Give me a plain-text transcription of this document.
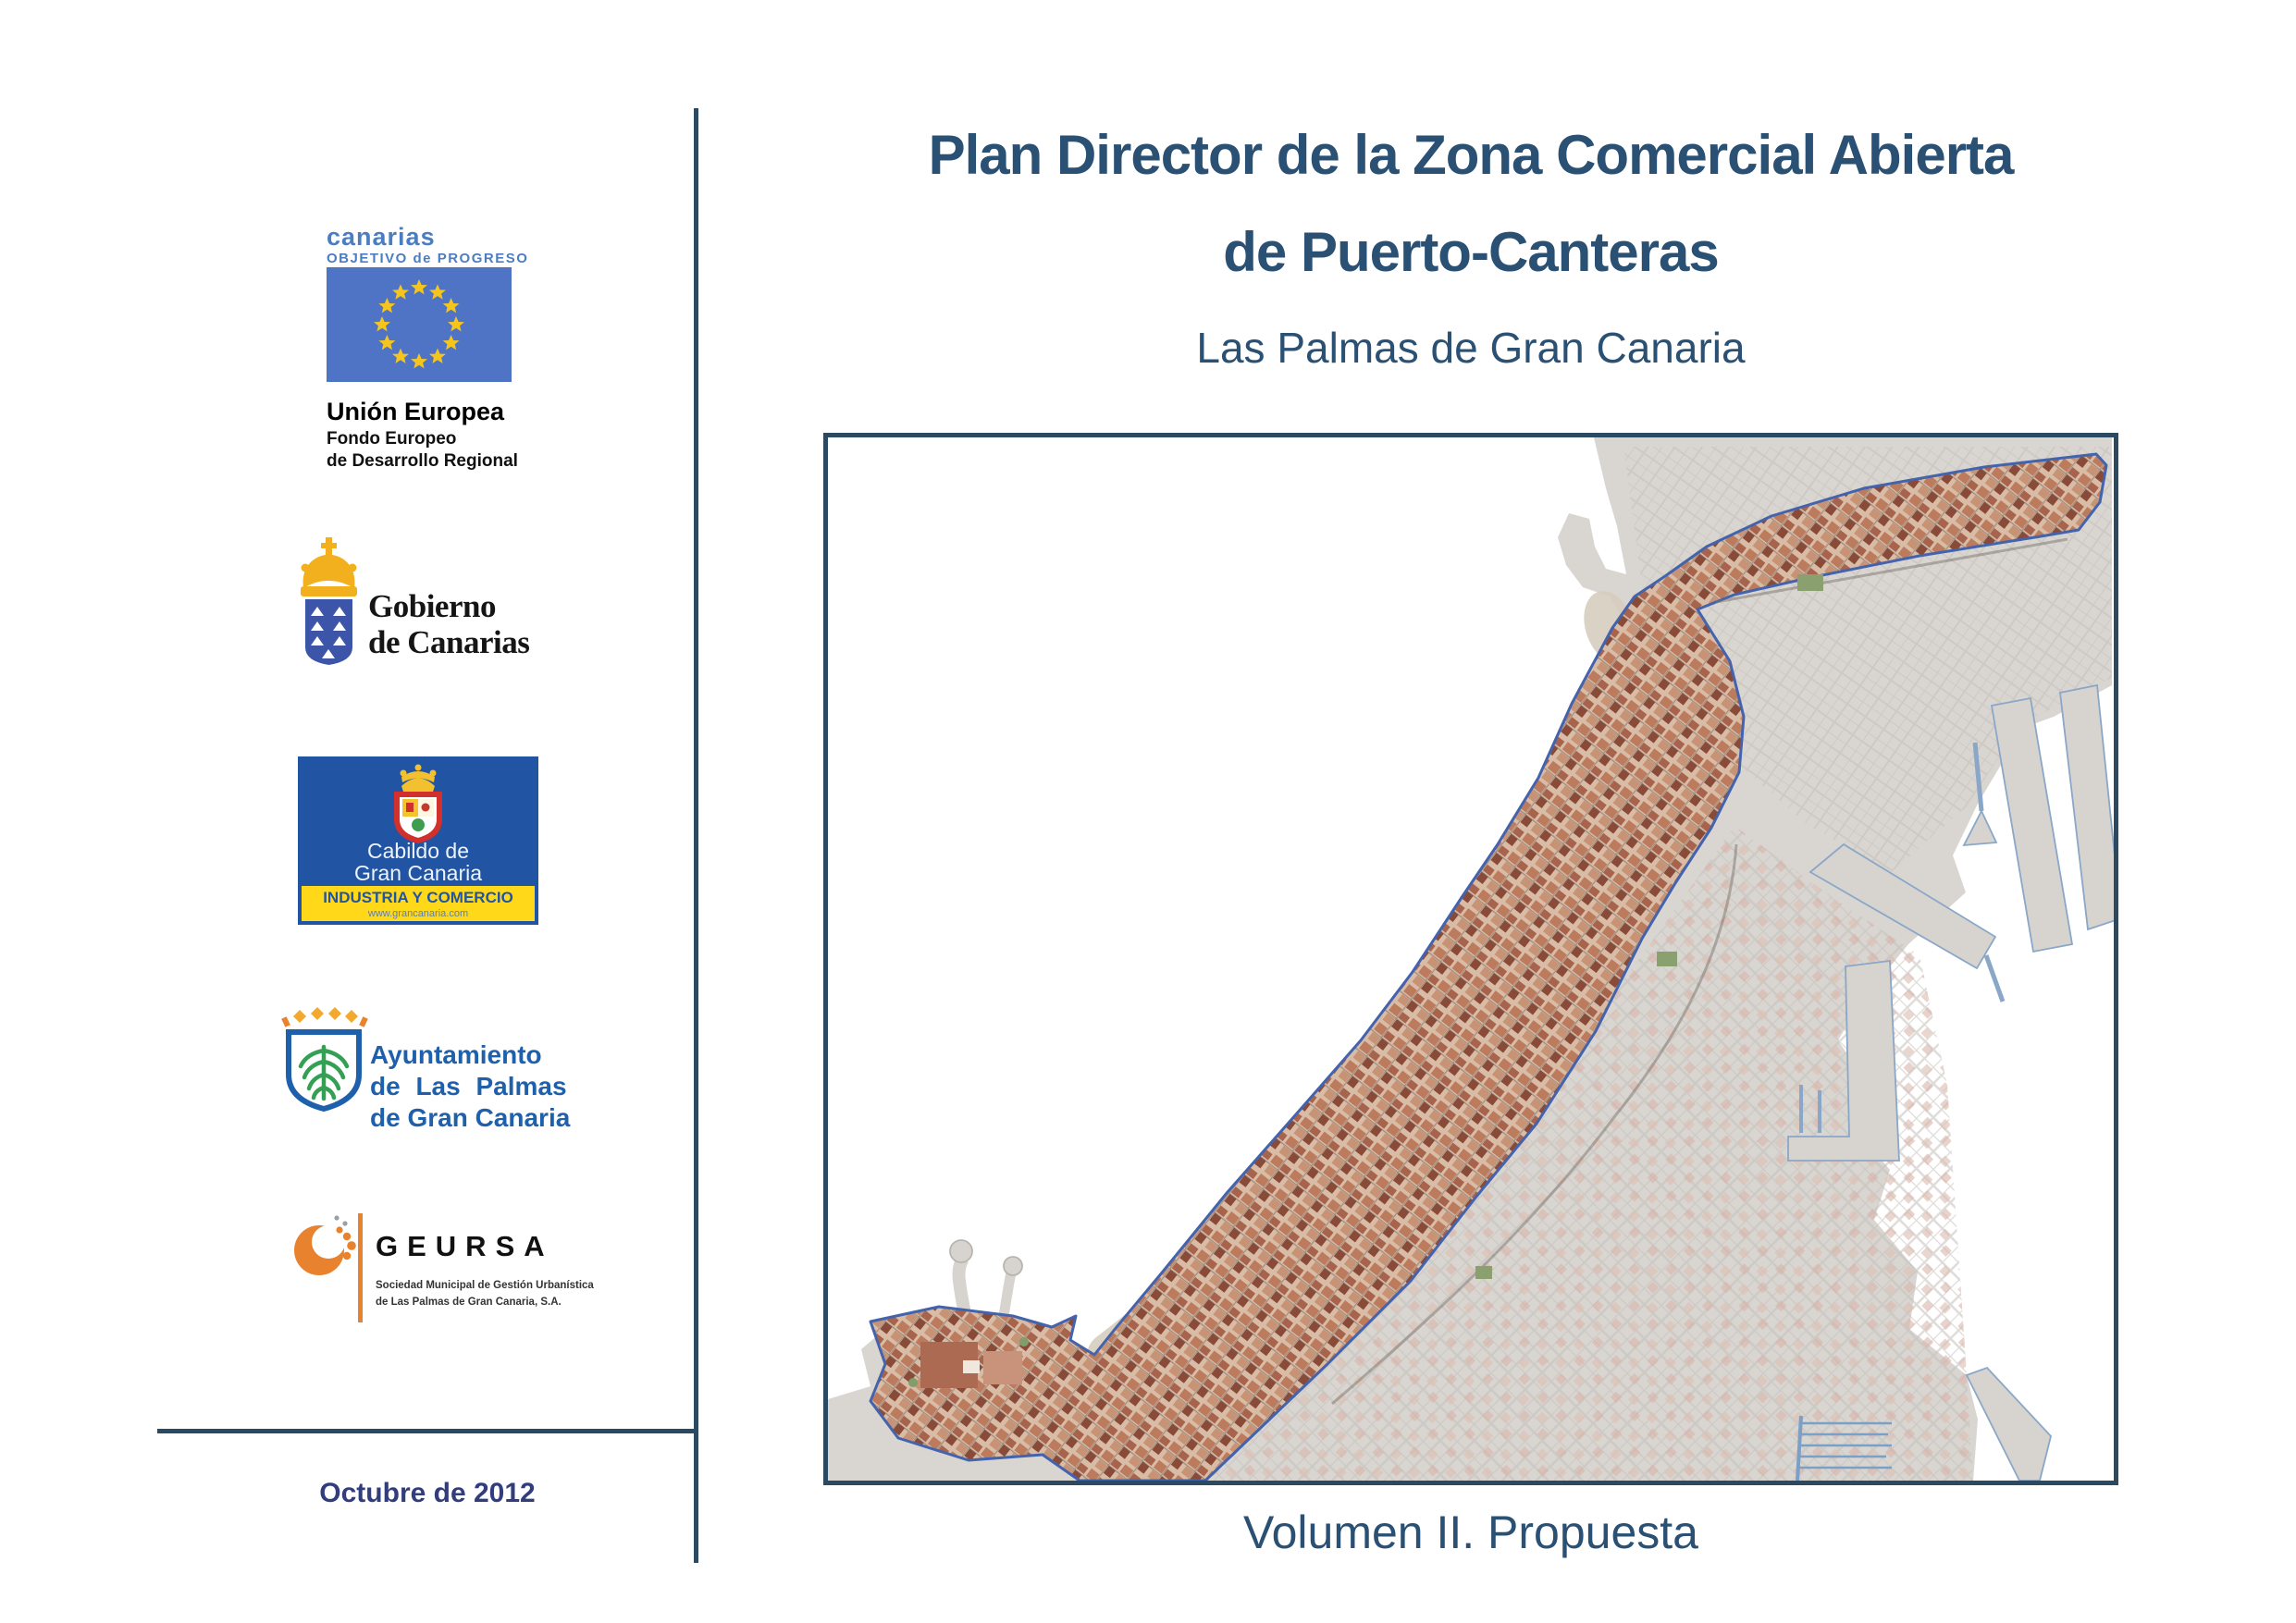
canarias
OBJETIVO de PROGRESO
Unión Europea
Fondo Europeo
de Desarrollo Regional
Gobierno
de Canarias
Cabildo de
Gran Canaria
INDUSTRIA Y COMERCIO
www.grancanaria.com
Ayuntamiento
de Las Palmas
de Gran Canaria
GEURSA
Sociedad Municipal de Gestión Urbanística
de Las Palmas de Gran Canaria, S.A.
Octubre de 2012
Plan Director de la Zona Comercial Abierta
de Puerto-Canteras
Las Palmas de Gran Canaria
Volumen II. Propuesta
